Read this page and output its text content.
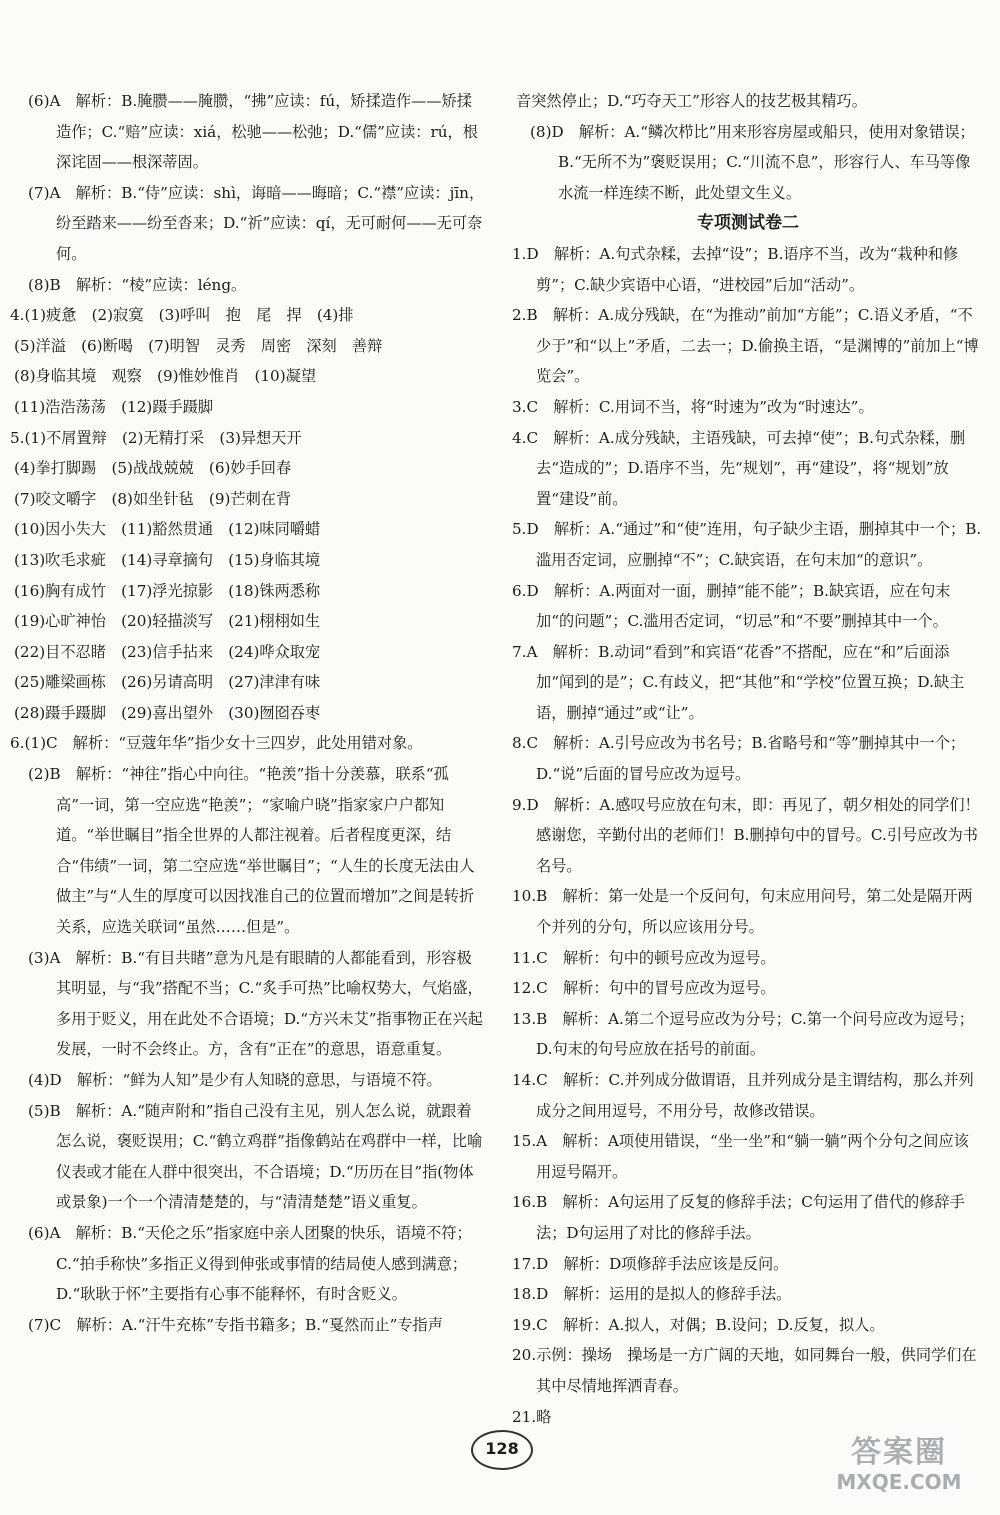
(6)A　解析：B.腌臜——腌臜，“拂”应读：fú，矫揉造作——矫揉造作；C.“赔”应读：xiá，松驰——松弛；D.“儒”应读：rú，根深诧固——根深蒂固。

(7)A　解析：B.“侍”应读：shì，诲暗——晦暗；C.“襟”应读：jīn，纷至踏来——纷至沓来；D.“祈”应读：qí，无可耐何——无可奈何。

(8)B　解析：“棱”应读：léng。

4.(1)疲惫　(2)寂寞　(3)呼叫　抱　尾　捍　(4)排

(5)洋溢　(6)断喝　(7)明智　灵秀　周密　深刻　善辩

(8)身临其境　观察　(9)惟妙惟肖　(10)凝望

(11)浩浩荡荡　(12)蹑手蹑脚

5.(1)不屑置辩　(2)无精打采　(3)异想天开

(4)拳打脚踢　(5)战战兢兢　(6)妙手回春

(7)咬文嚼字　(8)如坐针毡　(9)芒刺在背

(10)因小失大　(11)豁然贯通　(12)味同嚼蜡

(13)吹毛求疵　(14)寻章摘句　(15)身临其境

(16)胸有成竹　(17)浮光掠影　(18)铢两悉称

(19)心旷神怡　(20)轻描淡写　(21)栩栩如生

(22)目不忍睹　(23)信手拈来　(24)哗众取宠

(25)雕梁画栋　(26)另请高明　(27)津津有味

(28)蹑手蹑脚　(29)喜出望外　(30)囫囵吞枣

6.(1)C　解析：“豆蔻年华”指少女十三四岁，此处用错对象。

(2)B　解析：“神往”指心中向往。“艳羡”指十分羡慕，联系“孤高”一词，第一空应选“艳羡”；“家喻户晓”指家家户户都知道。“举世瞩目”指全世界的人都注视着。后者程度更深，结合“伟绩”一词，第二空应选“举世瞩目”；“人生的长度无法由人做主”与“人生的厚度可以因找准自己的位置而增加”之间是转折关系，应选关联词“虽然……但是”。

(3)A　解析：B.“有目共睹”意为凡是有眼睛的人都能看到，形容极其明显，与“我”搭配不当；C.“炙手可热”比喻权势大，气焰盛，多用于贬义，用在此处不合语境；D.“方兴未艾”指事物正在兴起发展，一时不会终止。方，含有“正在”的意思，语意重复。

(4)D　解析：“鲜为人知”是少有人知晓的意思，与语境不符。

(5)B　解析：A.“随声附和”指自己没有主见，别人怎么说，就跟着怎么说，褒贬误用；C.“鹤立鸡群”指像鹤站在鸡群中一样，比喻仪表或才能在人群中很突出，不合语境；D.“历历在目”指(物体或景象)一个一个清清楚楚的，与“清清楚楚”语义重复。

(6)A　解析：B.“天伦之乐”指家庭中亲人团聚的快乐，语境不符；C.“拍手称快”多指正义得到伸张或事情的结局使人感到满意；D.“耿耿于怀”主要指有心事不能释怀，有时含贬义。

(7)C　解析：A.“汗牛充栋”专指书籍多；B.“戛然而止”专指声

音突然停止；D.“巧夺天工”形容人的技艺极其精巧。

(8)D　解析：A.“鳞次栉比”用来形容房屋或船只，使用对象错误；B.“无所不为”褒贬误用；C.“川流不息”，形容行人、车马等像水流一样连续不断，此处望文生义。

专项测试卷二

1.D　解析：A.句式杂糅，去掉“设”；B.语序不当，改为“栽种和修剪”；C.缺少宾语中心语，“进校园”后加“活动”。

2.B　解析：A.成分残缺，在“为推动”前加“方能”；C.语义矛盾，“不少于”和“以上”矛盾，二去一；D.偷换主语，“是渊博的”前加上“博览会”。

3.C　解析：C.用词不当，将“时速为”改为“时速达”。

4.C　解析：A.成分残缺，主语残缺，可去掉“使”；B.句式杂糅，删去“造成的”；D.语序不当，先“规划”，再“建设”，将“规划”放置“建设”前。

5.D　解析：A.“通过”和“使”连用，句子缺少主语，删掉其中一个；B.滥用否定词，应删掉“不”；C.缺宾语，在句末加“的意识”。

6.D　解析：A.两面对一面，删掉“能不能”；B.缺宾语，应在句末加“的问题”；C.滥用否定词，“切忌”和“不要”删掉其中一个。

7.A　解析：B.动词“看到”和宾语“花香”不搭配，应在“和”后面添加“闻到的是”；C.有歧义，把“其他”和“学校”位置互换；D.缺主语，删掉“通过”或“让”。

8.C　解析：A.引号应改为书名号；B.省略号和“等”删掉其中一个；D.“说”后面的冒号应改为逗号。

9.D　解析：A.感叹号应放在句末，即：再见了，朝夕相处的同学们！感谢您，辛勤付出的老师们！B.删掉句中的冒号。C.引号应改为书名号。

10.B　解析：第一处是一个反问句，句末应用问号，第二处是隔开两个并列的分句，所以应该用分号。

11.C　解析：句中的顿号应改为逗号。

12.C　解析：句中的冒号应改为逗号。

13.B　解析：A.第二个逗号应改为分号；C.第一个问号应改为逗号；D.句末的句号应放在括号的前面。

14.C　解析：C.并列成分做谓语，且并列成分是主谓结构，那么并列成分之间用逗号，不用分号，故修改错误。

15.A　解析：A项使用错误，“坐一坐”和“躺一躺”两个分句之间应该用逗号隔开。

16.B　解析：A句运用了反复的修辞手法；C句运用了借代的修辞手法；D句运用了对比的修辞手法。

17.D　解析：D项修辞手法应该是反问。

18.D　解析：运用的是拟人的修辞手法。

19.C　解析：A.拟人，对偶；B.设问；D.反复，拟人。

20.示例：操场　操场是一方广阔的天地，如同舞台一般，供同学们在其中尽情地挥洒青春。

21.略

128	答案圈
MXQE.COM
